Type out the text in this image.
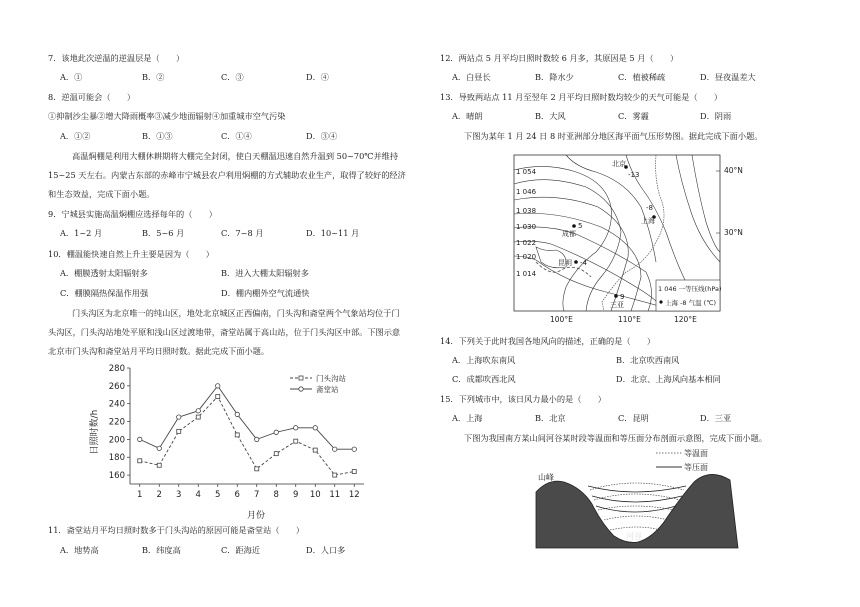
7．该地此次逆温的逆温层是（　　）
A．①	B．②	C．③	D．④
8．逆温可能会（　　）
①抑制沙尘暴②增大降雨概率③减少地面辐射④加重城市空气污染
A．①②	B．①③	C．①④	D．③④
高温焖棚是利用大棚休耕期将大棚完全封闭，使白天棚温迅速自然升温到 50~70℃并维持
15~25 天左右。内蒙古东部的赤峰市宁城县农户利用焖棚的方式辅助农业生产，取得了较好的经济
和生态效益，完成下面小题。
9．宁城县实施高温焖棚应选择每年的（　　）
A．1~2 月	B．5~6 月	C．7~8 月	D．10~11 月
10．棚温能快速自然上升主要是因为（　　）
A．棚膜透射太阳辐射多	B．进入大棚太阳辐射多
C．棚膜隔热保温作用强	D．棚内棚外空气流通快
门头沟区为北京唯一的纯山区，地处北京城区正西偏南，门头沟和斋堂两个气象站均位于门
头沟区，门头沟站地处平原和浅山区过渡地带，斋堂站属于高山站，位于门头沟区中部。下图示意
北京市门头沟和斋堂站月平均日照时数。据此完成下面小题。
160
180
200
220
240
260
280
1 2 3 4 5 6 7 8 9 10 11 12
门头沟站
斋堂站
日照时数/h
月份
11．斋堂站月平均日照时数多于门头沟站的原因可能是斋堂站（　　）
A．地势高	B．纬度高	C．距海近	D．人口多
12．两站点 5 月平均日照时数较 6 月多，其原因是 5 月（　　）
A．白昼长	B．降水少	C．植被稀疏	D．昼夜温差大
13．导致两站点 11 月至翌年 2 月平均日照时数均较少的天气可能是（　　）
A．晴朗	B．大风	C．雾霾	D．阴雨
下图为某年 1 月 24 日 8 时亚洲部分地区海平面气压形势图。据此完成下面小题。
1 054
1 046
1 038
1 030
1 022
1 020
1 014
北京
-13
5
成都
上海
-8
昆明 -4
9
三亚
1 046 一等压线(hPa)
上海 -8 气温 (℃)
40°N
30°N
100°E	110°E	120°E
14．下列关于此时我国各地风向的描述，正确的是（　　）
A．上海吹东南风	B．北京吹西南风
C．成都吹西北风	D．北京、上海风向基本相同
15．下列城市中，该日风力最小的是（　　）
A．上海	B．北京	C．昆明	D．三亚
下图为我国南方某山间河谷某时段等温面和等压面分布剖面示意图，完成下面小题。
等温面
等压面
山峰
河谷
